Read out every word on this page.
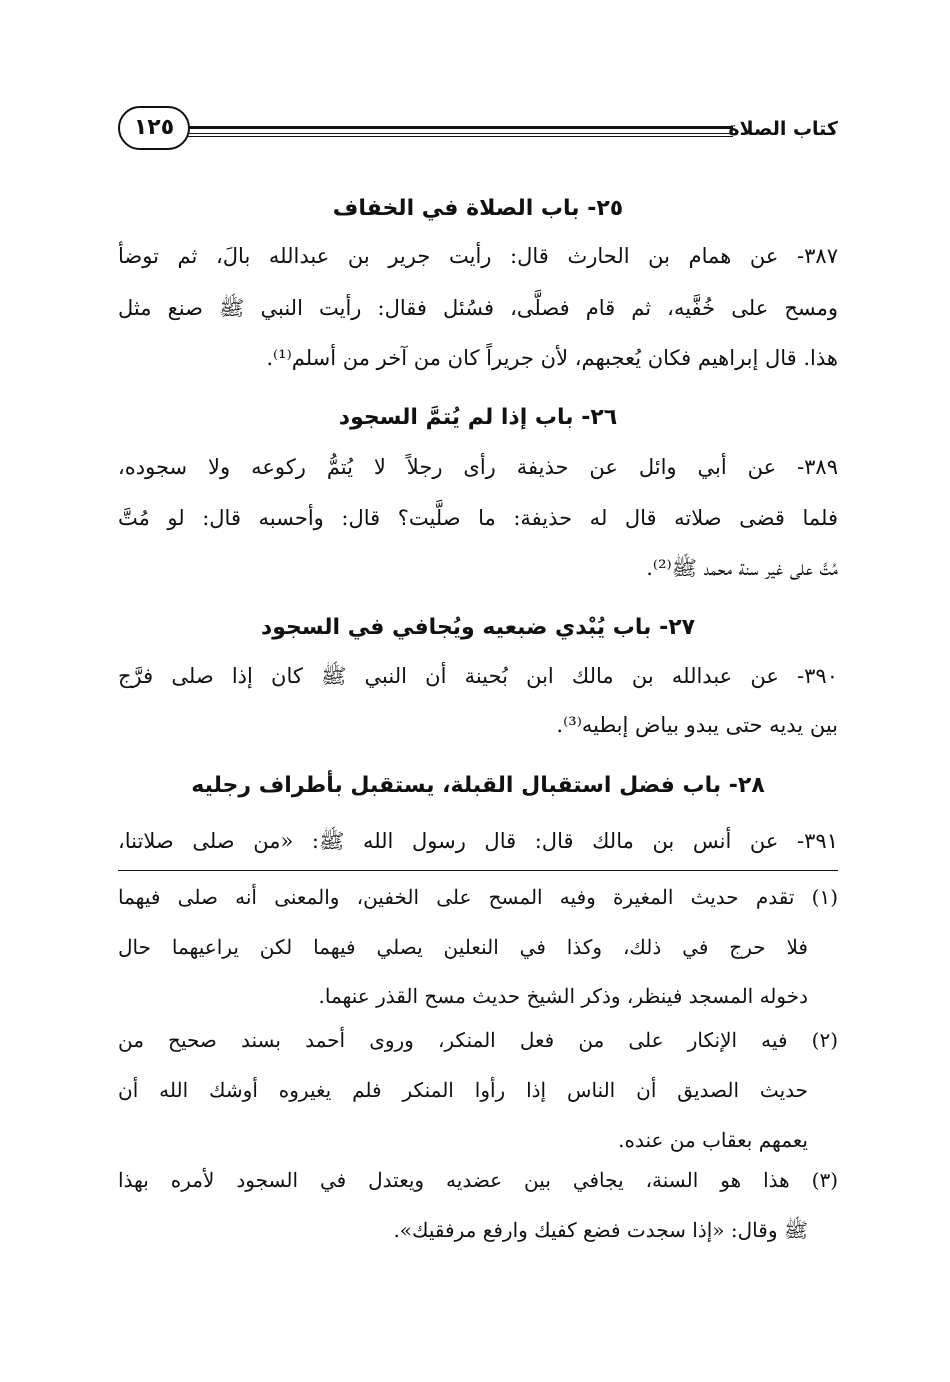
كتاب الصلاة
١٢٥
٢٥- باب الصلاة في الخفاف
٣٨٧- عن همام بن الحارث قال: رأيت جرير بن عبدالله بالَ، ثم توضأ
ومسح على خُفَّيه، ثم قام فصلَّى، فسُئل فقال: رأيت النبي ﷺ صنع مثل
هذا. قال إبراهيم فكان يُعجبهم، لأن جريراً كان من آخر من أسلم⁽¹⁾.
٢٦- باب إذا لم يُتمَّ السجود
٣٨٩- عن أبي وائل عن حذيفة رأى رجلاً لا يُتمُّ ركوعه ولا سجوده،
فلما قضى صلاته قال له حذيفة: ما صلَّيت؟ قال: وأحسبه قال: لو مُتَّ
مُتَّ على غير سنة محمد ﷺ⁽²⁾.
٢٧- باب يُبْدي ضبعيه ويُجافي في السجود
٣٩٠- عن عبدالله بن مالك ابن بُحينة أن النبي ﷺ كان إذا صلى فرَّج
بين يديه حتى يبدو بياض إبطيه⁽³⁾.
٢٨- باب فضل استقبال القبلة، يستقبل بأطراف رجليه
٣٩١- عن أنس بن مالك قال: قال رسول الله ﷺ: «من صلى صلاتنا،
(١) تقدم حديث المغيرة وفيه المسح على الخفين، والمعنى أنه صلى فيهما
فلا حرج في ذلك، وكذا في النعلين يصلي فيهما لكن يراعيهما حال
دخوله المسجد فينظر، وذكر الشيخ حديث مسح القذر عنهما.
(٢) فيه الإنكار على من فعل المنكر، وروى أحمد بسند صحيح من
حديث الصديق أن الناس إذا رأوا المنكر فلم يغيروه أوشك الله أن
يعمهم بعقاب من عنده.
(٣) هذا هو السنة، يجافي بين عضديه ويعتدل في السجود لأمره بهذا
ﷺ وقال: «إذا سجدت فضع كفيك وارفع مرفقيك».
